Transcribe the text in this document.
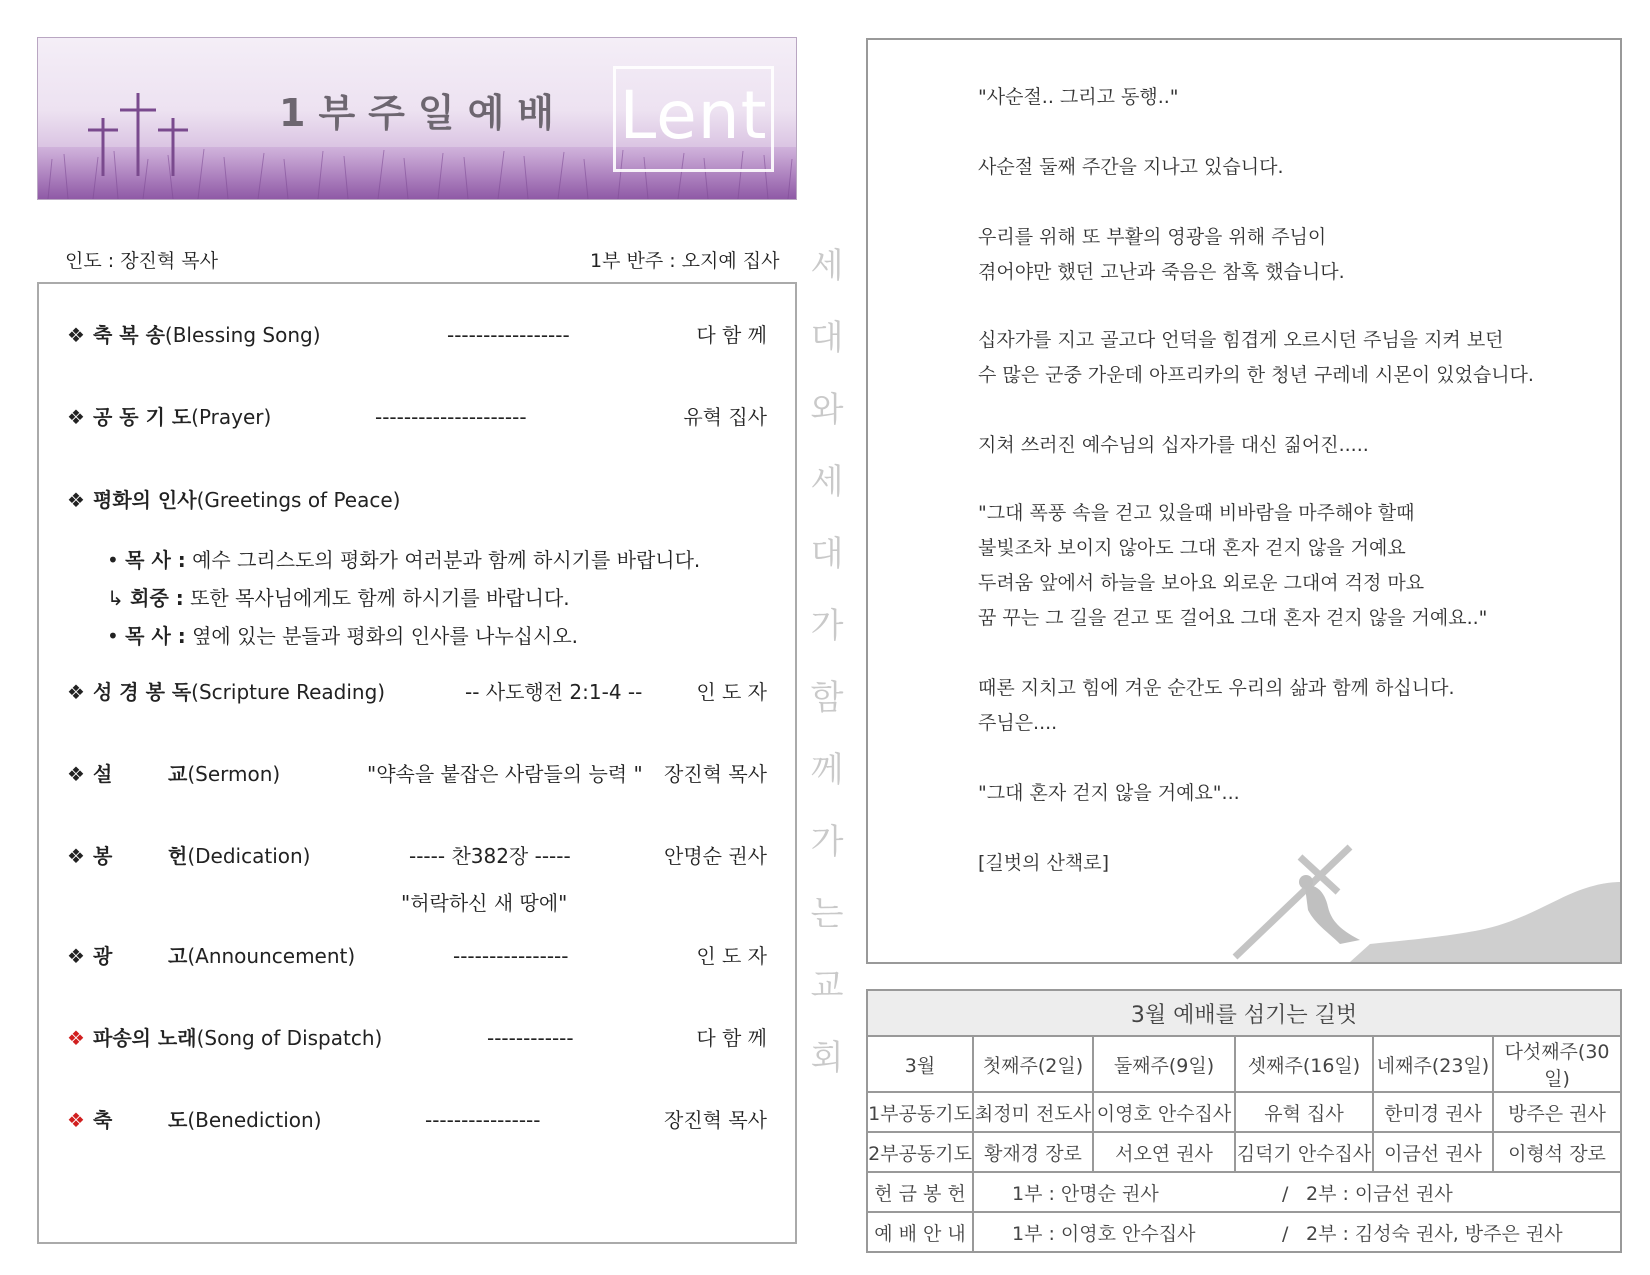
1부주일예배 Lent
인도 : 장진혁 목사	1부 반주 : 오지예 집사
❖ 축 복 송(Blessing Song)	-----------------	다 함 께
❖ 공 동 기 도(Prayer)	---------------------	유혁 집사
❖ 평화의 인사(Greetings of Peace)
• 목 사 : 예수 그리스도의 평화가 여러분과 함께 하시기를 바랍니다.
↳ 회중 : 또한 목사님에게도 함께 하시기를 바랍니다.
• 목 사 : 옆에 있는 분들과 평화의 인사를 나누십시오.
❖ 성 경 봉 독(Scripture Reading)	-- 사도행전 2:1-4 --	인 도 자
❖ 설        교(Sermon)	"약속을 붙잡은 사람들의 능력 " 장진혁 목사
❖ 봉        헌(Dedication)	----- 찬382장 -----	안명순 권사
"허락하신 새 땅에"
❖ 광        고(Announcement)	----------------	인 도 자
❖ 파송의 노래(Song of Dispatch)	------------	다 함 께
❖ 축        도(Benediction)	----------------	장진혁 목사
세
대
와
세
대
가
함
께
가
는
교
회
"사순절.. 그리고 동행.."
사순절 둘째 주간을 지나고 있습니다.
우리를 위해 또 부활의 영광을 위해 주님이
겪어야만 했던 고난과 죽음은 참혹 했습니다.
십자가를 지고 골고다 언덕을 힘겹게 오르시던 주님을 지켜 보던
수 많은 군중 가운데 아프리카의 한 청년 구레네 시몬이 있었습니다.
지쳐 쓰러진 예수님의 십자가를 대신 짊어진.....
"그대 폭풍 속을 걷고 있을때 비바람을 마주해야 할때
불빛조차 보이지 않아도 그대 혼자 걷지 않을 거예요
두려움 앞에서 하늘을 보아요 외로운 그대여 걱정 마요
꿈 꾸는 그 길을 걷고 또 걸어요 그대 혼자 걷지 않을 거예요.."
때론 지치고 힘에 겨운 순간도 우리의 삶과 함께 하십니다.
주님은....
"그대 혼자 걷지 않을 거예요"...
[길벗의 산책로]
3월 예배를 섬기는 길벗					
3월	첫째주(2일)	둘째주(9일)	셋째주(16일)	네째주(23일)	다섯째주(30일)
1부공동기도	최정미 전도사	이영호 안수집사	유혁 집사	한미경 권사	방주은 권사
2부공동기도	황재경 장로	서오연 권사	김덕기 안수집사	이금선 권사	이형석 장로
헌 금 봉 헌	1부 : 안명순 권사 / 2부 : 이금선 권사				
예 배 안 내	1부 : 이영호 안수집사 / 2부 : 김성숙 권사, 방주은 권사				
